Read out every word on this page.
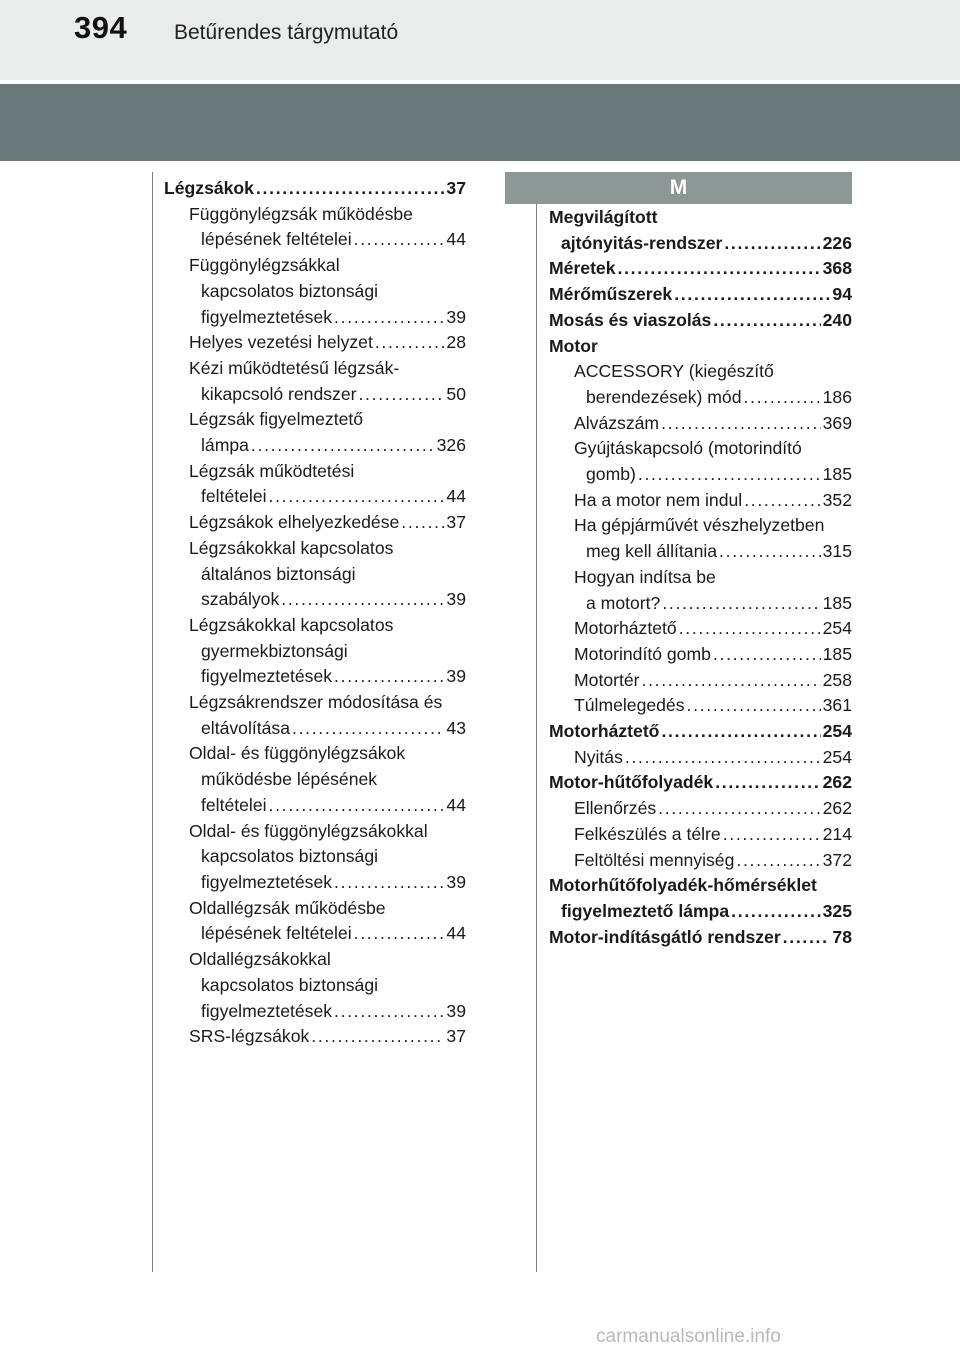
394 Betűrendes tárgymutató
Légzsákok . . .	37
Függönylégzsák működésbe
lépésének feltételei . . .	44
Függönylégzsákkal
kapcsolatos biztonsági
figyelmeztetések . . .	39
Helyes vezetési helyzet . . .	28
Kézi működtetésű légzsák-
kikapcsoló rendszer . . .	50
Légzsák figyelmeztető
lámpa . . .	326
Légzsák működtetési
feltételei . . .	44
Légzsákok elhelyezkedése . . .	37
Légzsákokkal kapcsolatos
általános biztonsági
szabályok . . .	39
Légzsákokkal kapcsolatos
gyermekbiztonsági
figyelmeztetések . . .	39
Légzsákrendszer módosítása és
eltávolítása . . .	43
Oldal- és függönylégzsákok
működésbe lépésének
feltételei . . .	44
Oldal- és függönylégzsákokkal
kapcsolatos biztonsági
figyelmeztetések . . .	39
Oldallégzsák működésbe
lépésének feltételei . . .	44
Oldallégzsákokkal
kapcsolatos biztonsági
figyelmeztetések . . .	39
SRS-légzsákok . . .	37
M
Megvilágított
ajtónyitás-rendszer . . .	226
Méretek . . .	368
Mérőműszerek . . .	94
Mosás és viaszolás . . .	240
Motor
ACCESSORY (kiegészítő
berendezések) mód . . .	186
Alvázszám . . .	369
Gyújtáskapcsoló (motorindító
gomb) . . .	185
Ha a motor nem indul . . .	352
Ha gépjárművét vészhelyzetben
meg kell állítania . . .	315
Hogyan indítsa be
a motort? . . .	185
Motorháztető . . .	254
Motorindító gomb . . .	185
Motortér . . .	258
Túlmelegedés . . .	361
Motorháztető . . .	254
Nyitás . . .	254
Motor-hűtőfolyadék . . .	262
Ellenőrzés . . .	262
Felkészülés a télre . . .	214
Feltöltési mennyiség . . .	372
Motorhűtőfolyadék-hőmérséklet
figyelmeztető lámpa . . .	325
Motor-indításgátló rendszer . . .	78
carmanualsonline.info
